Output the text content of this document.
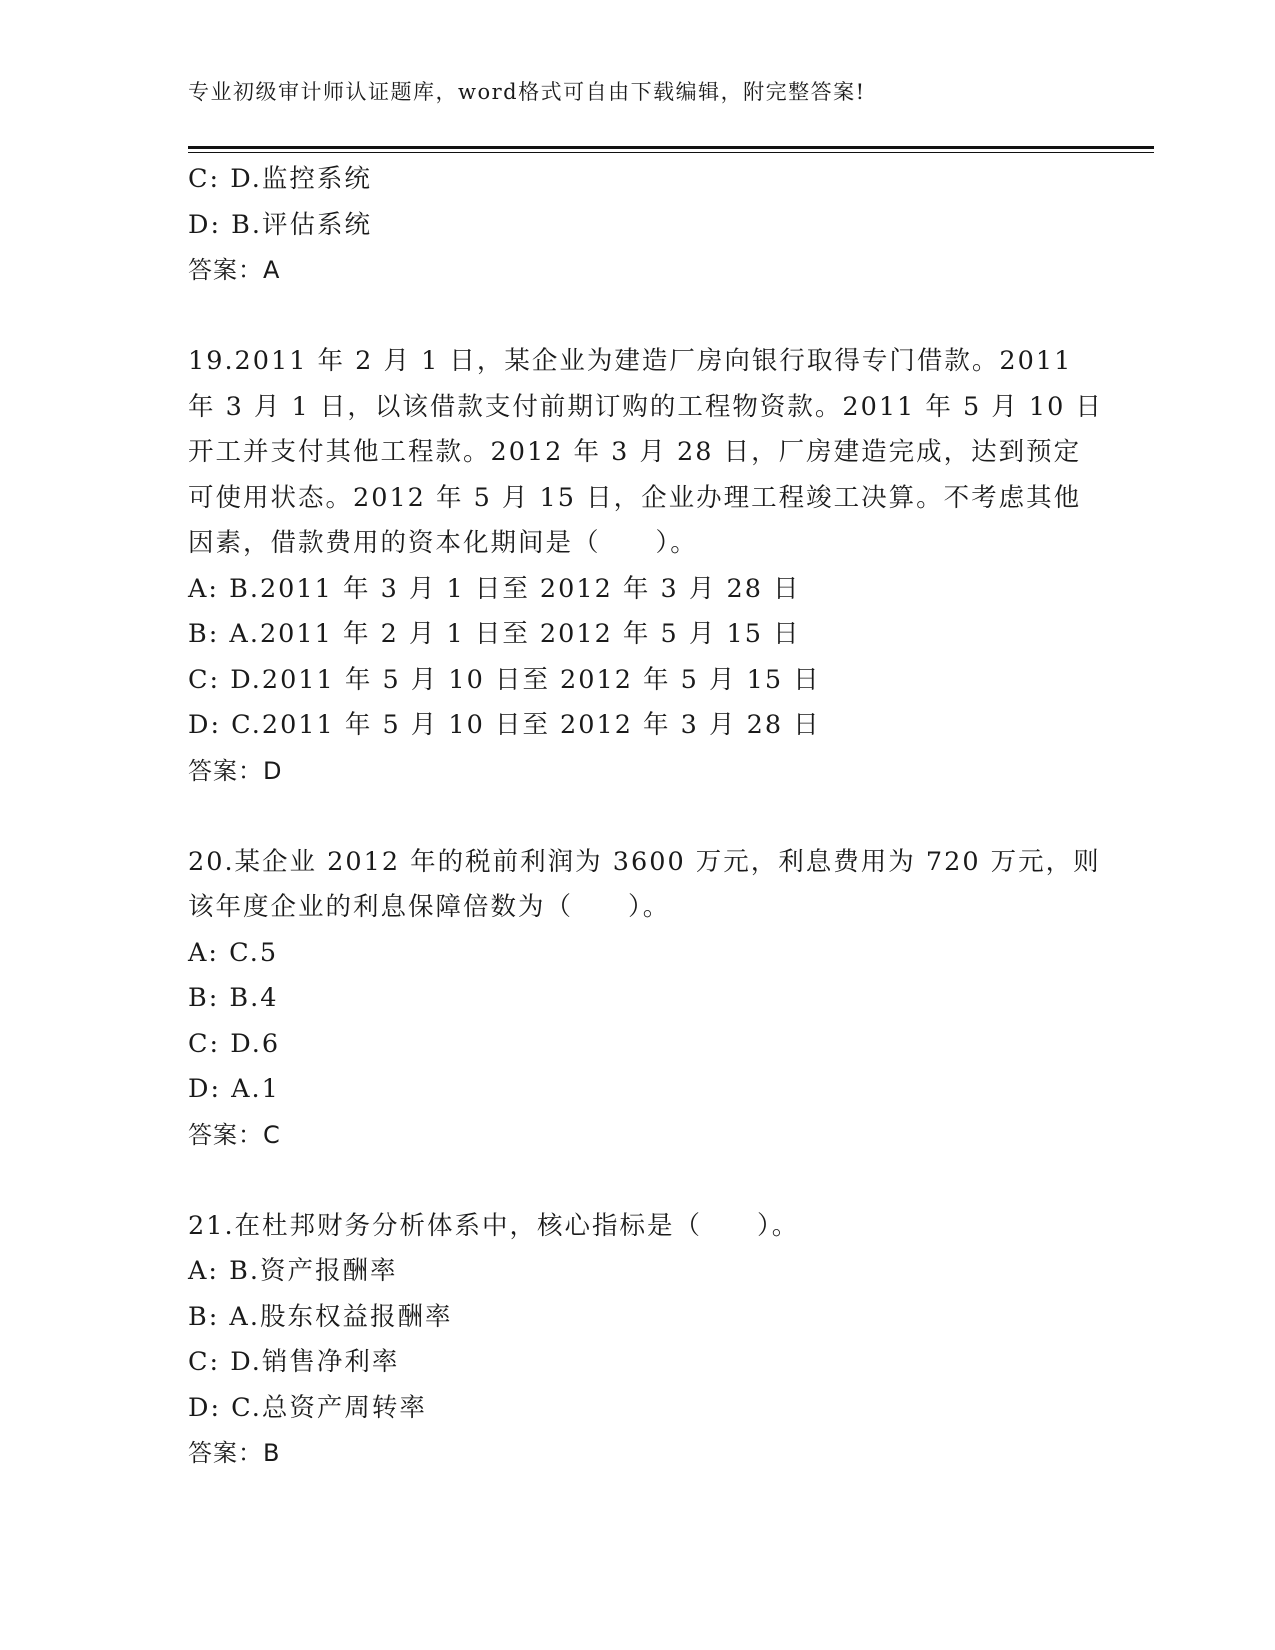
专业初级审计师认证题库，word格式可自由下载编辑，附完整答案!
C: D.监控系统
D: B.评估系统
答案：A
19.2011 年 2 月 1 日，某企业为建造厂房向银行取得专门借款。2011
年 3 月 1 日，以该借款支付前期订购的工程物资款。2011 年 5 月 10 日
开工并支付其他工程款。2012 年 3 月 28 日，厂房建造完成，达到预定
可使用状态。2012 年 5 月 15 日，企业办理工程竣工决算。不考虑其他
因素，借款费用的资本化期间是（　　）。
A: B.2011 年 3 月 1 日至 2012 年 3 月 28 日
B: A.2011 年 2 月 1 日至 2012 年 5 月 15 日
C: D.2011 年 5 月 10 日至 2012 年 5 月 15 日
D: C.2011 年 5 月 10 日至 2012 年 3 月 28 日
答案：D
20.某企业 2012 年的税前利润为 3600 万元，利息费用为 720 万元，则
该年度企业的利息保障倍数为（　　）。
A: C.5
B: B.4
C: D.6
D: A.1
答案：C
21.在杜邦财务分析体系中，核心指标是（　　）。
A: B.资产报酬率
B: A.股东权益报酬率
C: D.销售净利率
D: C.总资产周转率
答案：B
